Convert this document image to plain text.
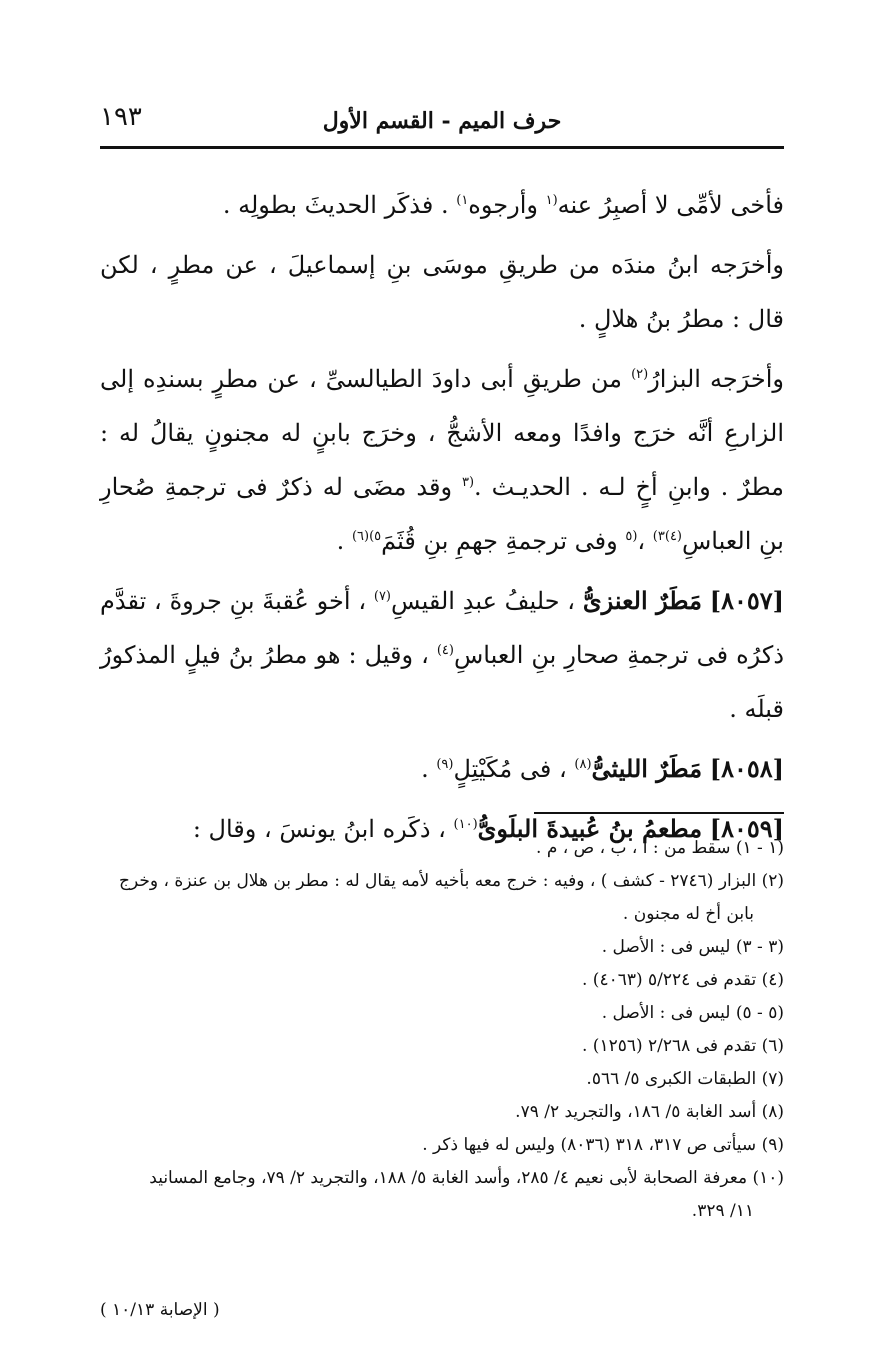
حرف الميم - القسم الأول
١٩٣

فأخى لأمِّى لا أصبِرُ عنه$^{(١}$ وأرجوه$^{١)}$ . فذكَر الحديثَ بطولِه .

وأخرَجه ابنُ مندَه من طريقِ موسَى بنِ إسماعيلَ ، عن مطرٍ ، لكن قال : مطرُ بنُ هلالٍ .

وأخرَجه البزارُ$^{(٢)}$ من طريقِ أبى داودَ الطيالسىِّ ، عن مطرٍ بسندِه إلى الزارعِ أنَّه خرَج وافدًا ومعه الأشجُّ ، وخرَج بابنٍ له مجنونٍ يقالُ له : مطرٌ . وابنِ أخٍ لـه . الحديـث .$^{(٣}$ وقد مضَى له ذكرٌ فى ترجمةِ صُحارِ بنِ العباسِ$^{(٤)٣)}$ ،$^{(٥}$ وفى ترجمةِ جهمِ بنِ قُثَمَ$^{٥)(٦)}$ .

[٨٠٥٧] مَطَرٌ العنزىُّ ، حليفُ عبدِ القيسِ$^{(٧)}$ ، أخو عُقبةَ بنِ جروةَ ، تقدَّم ذكرُه فى ترجمةِ صحارِ بنِ العباسِ$^{(٤)}$ ، وقيل : هو مطرُ بنُ فيلٍ المذكورُ قبلَه .

[٨٠٥٨] مَطَرٌ الليثىُّ$^{(٨)}$ ، فى مُكَيْتِلٍ$^{(٩)}$ .

[٨٠٥٩] مطعمُ بنُ عُبيدةَ البلَوىُّ$^{(١٠)}$ ، ذكَره ابنُ يونسَ ، وقال :

(١ - ١) سقط من : أ ، ب ، ص ، م .

(٢) البزار (٢٧٤٦ - كشف ) ، وفيه : خرج معه بأخيه لأمه يقال له : مطر بن هلال بن عنزة ، وخرج

بابن أخ له مجنون .

(٣ - ٣) ليس فى : الأصل .

(٤) تقدم فى ٥/٢٢٤ (٤٠٦٣) .

(٥ - ٥) ليس فى : الأصل .

(٦) تقدم فى ٢/٢٦٨ (١٢٥٦) .

(٧) الطبقات الكبرى ٥/ ٥٦٦.

(٨) أسد الغابة ٥/ ١٨٦، والتجريد ٢/ ٧٩.

(٩) سيأتى ص ٣١٧، ٣١٨ (٨٠٣٦) وليس له فيها ذكر .

(١٠) معرفة الصحابة لأبى نعيم ٤/ ٢٨٥، وأسد الغابة ٥/ ١٨٨، والتجريد ٢/ ٧٩، وجامع المسانيد

١١/ ٣٢٩.

( الإصابة ١٠/١٣ )
